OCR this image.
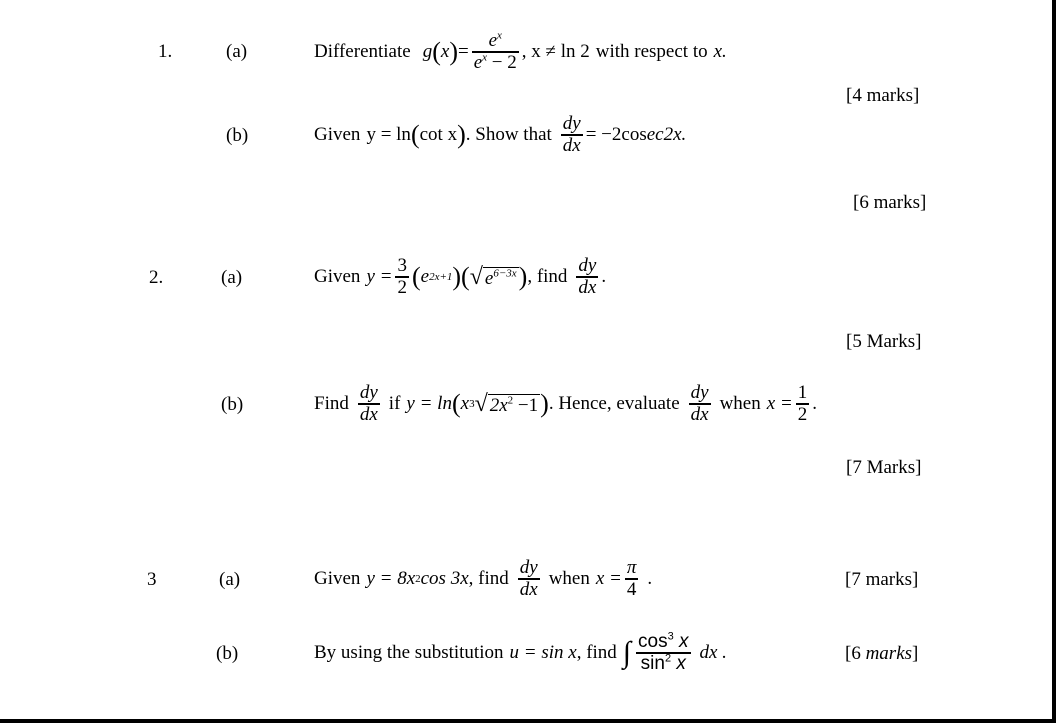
1.	(a)	Differentiate g ( x ) = $\frac{e^x}{e^x - 2}$ , x ≠ ln 2 with respect to x.
[4 marks]
(b)	Given y = ln ( cot x ) . Show that $\frac{dy}{dx} = -2\cos$ ec2x.
[6 marks]
2.	(a)	Given $y = \frac{3}{2}$ ( e 2x+1 ) ( √ $e^{6-3x}$ ) , find $\frac{dy}{dx}$ .
[5 Marks]
(b)	Find $\frac{dy}{dx}$ if y = ln ( x 3 √ $2x^2 -1$ ) . Hence, evaluate $\frac{dy}{dx}$ when $x = \frac{1}{2}$ .
[7 Marks]
3	(a)	Given y = 8x 2 cos 3x , find $\frac{dy}{dx}$ when $x = \frac{\pi}{4}$ .	[7 marks]
(b)	By using the substitution u = sin x , find ∫ $\frac{\cos^3 x}{\sin^2 x}$ dx .	[6 marks]
